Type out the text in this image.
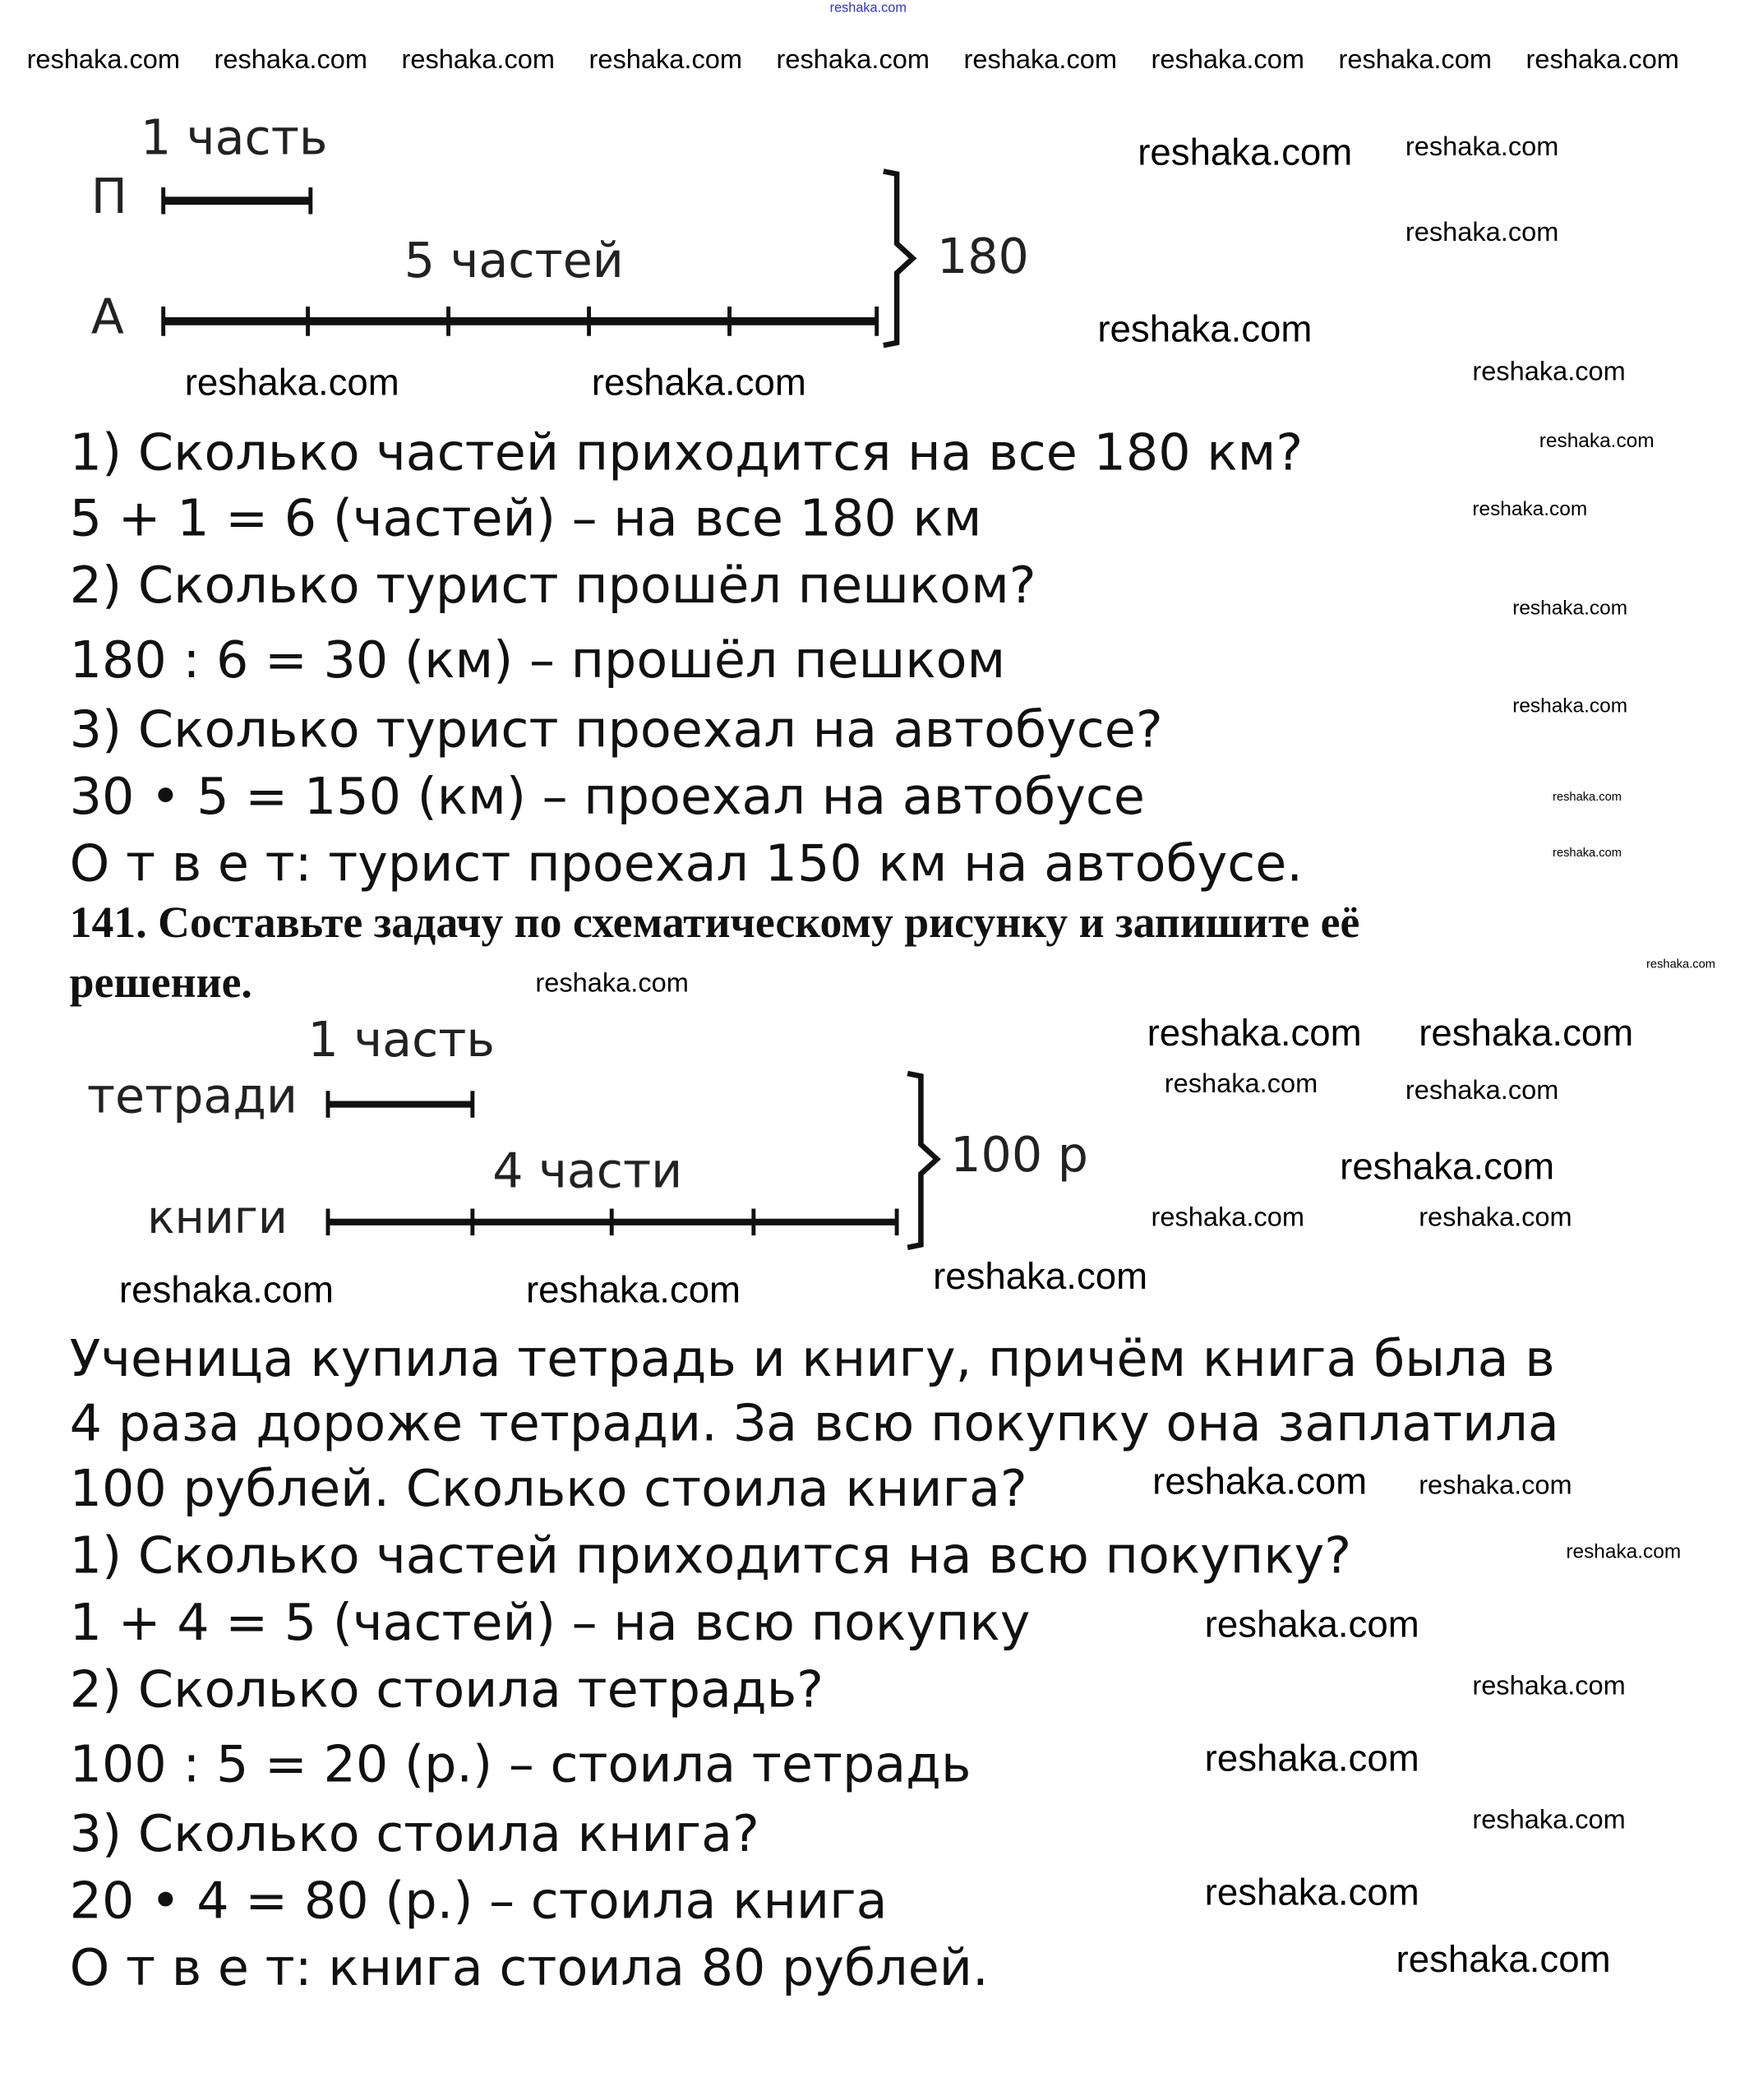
1 часть
П
5 частей
А
180
1) Сколько частей приходится на все 180 км?
5 + 1 = 6 (частей) – на все 180 км
2) Сколько турист прошёл пешком?
180 : 6 = 30 (км) – прошёл пешком
3) Сколько турист проехал на автобусе?
30 • 5 = 150 (км) – проехал на автобусе
О т в е т: турист проехал 150 км на автобусе.
141. Составьте задачу по схематическому рисунку и запишите её
решение.
1 часть
тетради
4 части
книги
100 р
Ученица купила тетрадь и книгу, причём книга была в
4 раза дороже тетради. За всю покупку она заплатила
100 рублей. Сколько стоила книга?
1) Сколько частей приходится на всю покупку?
1 + 4 = 5 (частей) – на всю покупку
2) Сколько стоила тетрадь?
100 : 5 = 20 (р.) – стоила тетрадь
3) Сколько стоила книга?
20 • 4 = 80 (р.) – стоила книга
О т в е т: книга стоила 80 рублей.
reshaka.com
reshaka.com reshaka.com reshaka.com reshaka.com reshaka.com reshaka.com reshaka.com reshaka.com reshaka.com
reshaka.com	reshaka.com
reshaka.com
reshaka.com
reshaka.com
reshaka.com	reshaka.com
reshaka.com
reshaka.com
reshaka.com
reshaka.com
reshaka.com
reshaka.com
reshaka.com
reshaka.com
reshaka.com reshaka.com
reshaka.com	reshaka.com
reshaka.com
reshaka.com	reshaka.com
reshaka.com
reshaka.com
reshaka.com
reshaka.com	reshaka.com
reshaka.com
reshaka.com
reshaka.com
reshaka.com
reshaka.com
reshaka.com
reshaka.com
